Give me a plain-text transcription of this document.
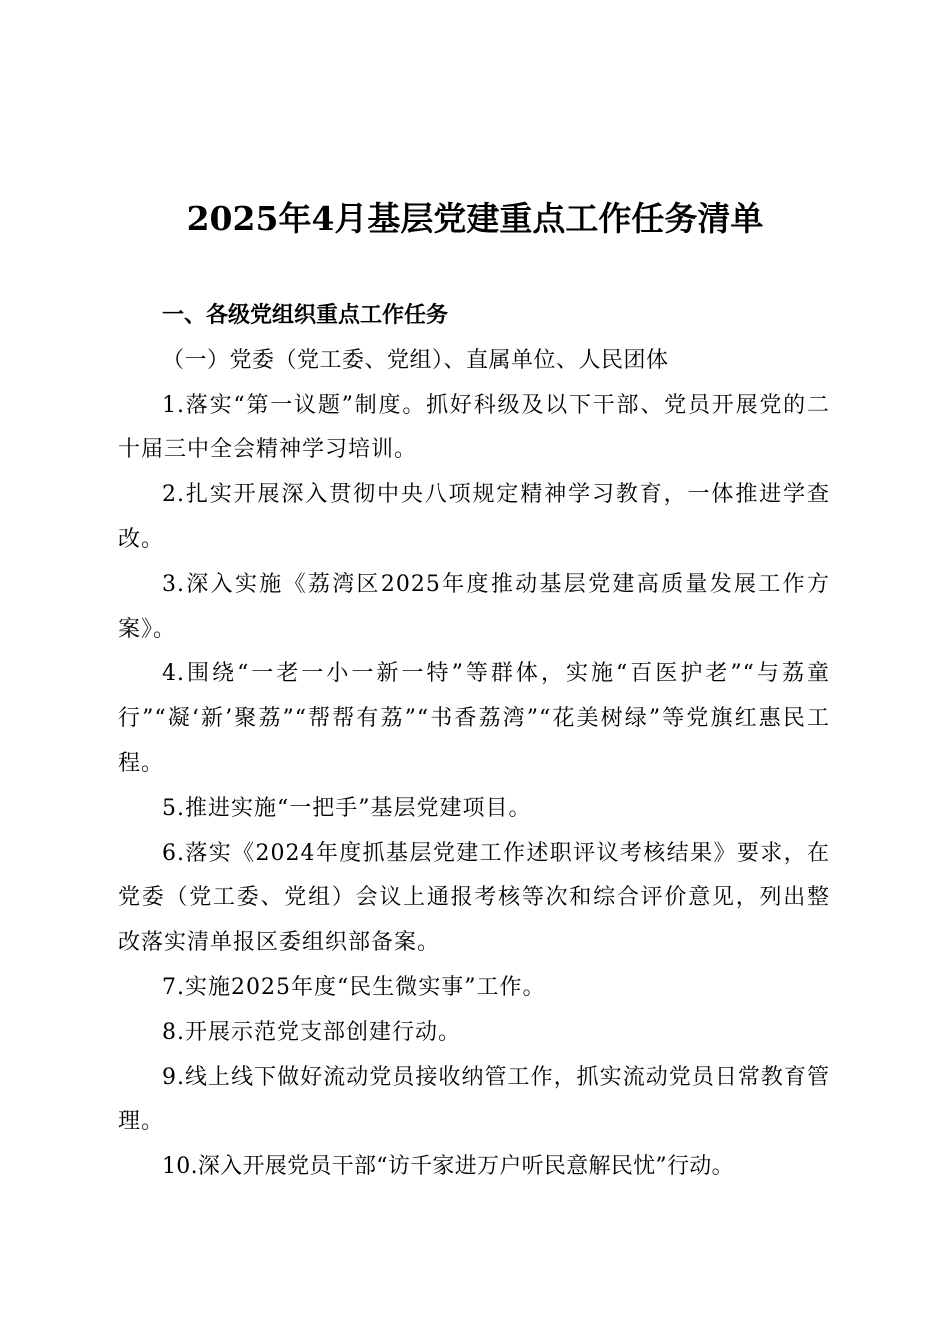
2025年4月基层党建重点工作任务清单

一、各级党组织重点工作任务

（一）党委（党工委、党组）、直属单位、人民团体

1.落实“第一议题”制度。抓好科级及以下干部、党员开展党的二十届三中全会精神学习培训。

2.扎实开展深入贯彻中央八项规定精神学习教育，一体推进学查改。

3.深入实施《荔湾区2025年度推动基层党建高质量发展工作方案》。

4.围绕“一老一小一新一特”等群体，实施“百医护老”“与荔童行”“凝‘新’聚荔”“帮帮有荔”“书香荔湾”“花美树绿”等党旗红惠民工程。

5.推进实施“一把手”基层党建项目。

6.落实《2024年度抓基层党建工作述职评议考核结果》要求，在党委（党工委、党组）会议上通报考核等次和综合评价意见，列出整改落实清单报区委组织部备案。

7.实施2025年度“民生微实事”工作。

8.开展示范党支部创建行动。

9.线上线下做好流动党员接收纳管工作，抓实流动党员日常教育管理。

10.深入开展党员干部“访千家进万户听民意解民忧”行动。
